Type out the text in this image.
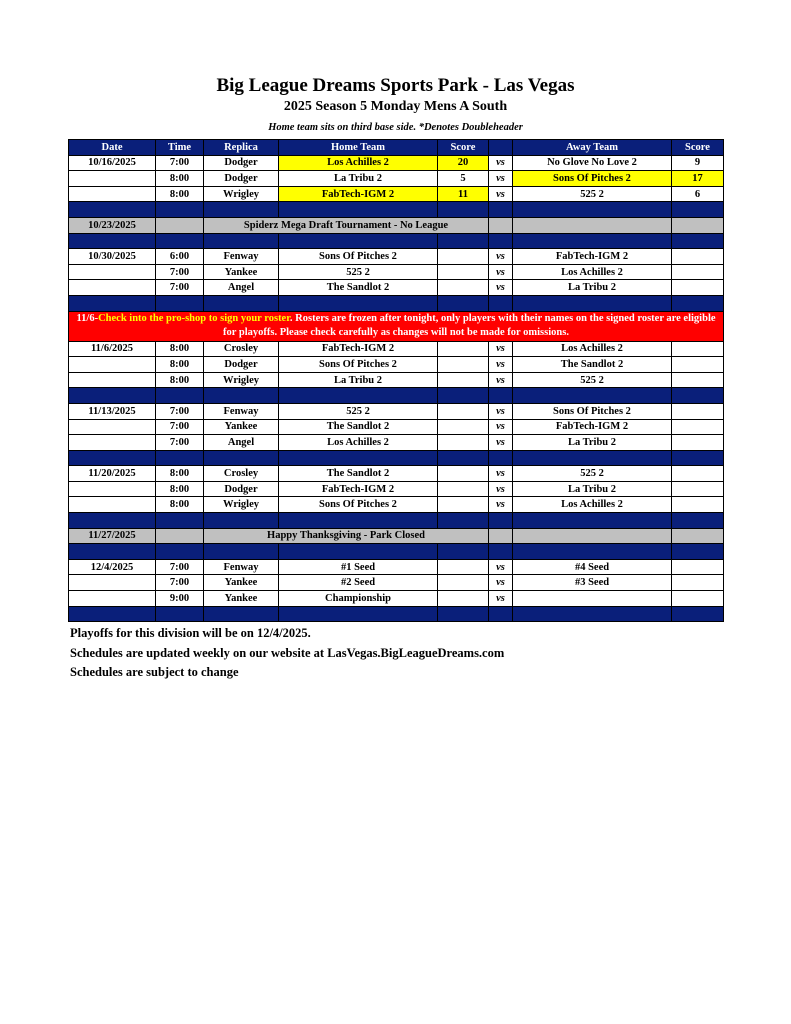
Big League Dreams Sports Park - Las Vegas
2025 Season 5 Monday Mens A South
Home team sits on third base side. *Denotes Doubleheader
Date	Time	Replica	Home Team	Score		Away Team	Score
10/16/2025	7:00	Dodger	Los Achilles 2	20	vs	No Glove No Love 2	9
	8:00	Dodger	La Tribu 2	5	vs	Sons Of Pitches 2	17
	8:00	Wrigley	FabTech-IGM 2	11	vs	525 2	6

10/23/2025		Spiderz Mega Draft Tournament - No League					

10/30/2025	6:00	Fenway	Sons Of Pitches 2		vs	FabTech-IGM 2	
	7:00	Yankee	525 2		vs	Los Achilles 2	
	7:00	Angel	The Sandlot 2		vs	La Tribu 2	

11/6-Check into the pro-shop to sign your roster. Rosters are frozen after tonight, only players with their names on the signed roster are eligible for playoffs. Please check carefully as changes will not be made for omissions.							
11/6/2025	8:00	Crosley	FabTech-IGM 2		vs	Los Achilles 2	
	8:00	Dodger	Sons Of Pitches 2		vs	The Sandlot 2	
	8:00	Wrigley	La Tribu 2		vs	525 2	

11/13/2025	7:00	Fenway	525 2		vs	Sons Of Pitches 2	
	7:00	Yankee	The Sandlot 2		vs	FabTech-IGM 2	
	7:00	Angel	Los Achilles 2		vs	La Tribu 2	

11/20/2025	8:00	Crosley	The Sandlot 2		vs	525 2	
	8:00	Dodger	FabTech-IGM 2		vs	La Tribu 2	
	8:00	Wrigley	Sons Of Pitches 2		vs	Los Achilles 2	

11/27/2025		Happy Thanksgiving - Park Closed					

12/4/2025	7:00	Fenway	#1 Seed		vs	#4 Seed	
	7:00	Yankee	#2 Seed		vs	#3 Seed	
	9:00	Yankee	Championship		vs		

Playoffs for this division will be on 12/4/2025.
Schedules are updated weekly on our website at LasVegas.BigLeagueDreams.com
Schedules are subject to change
